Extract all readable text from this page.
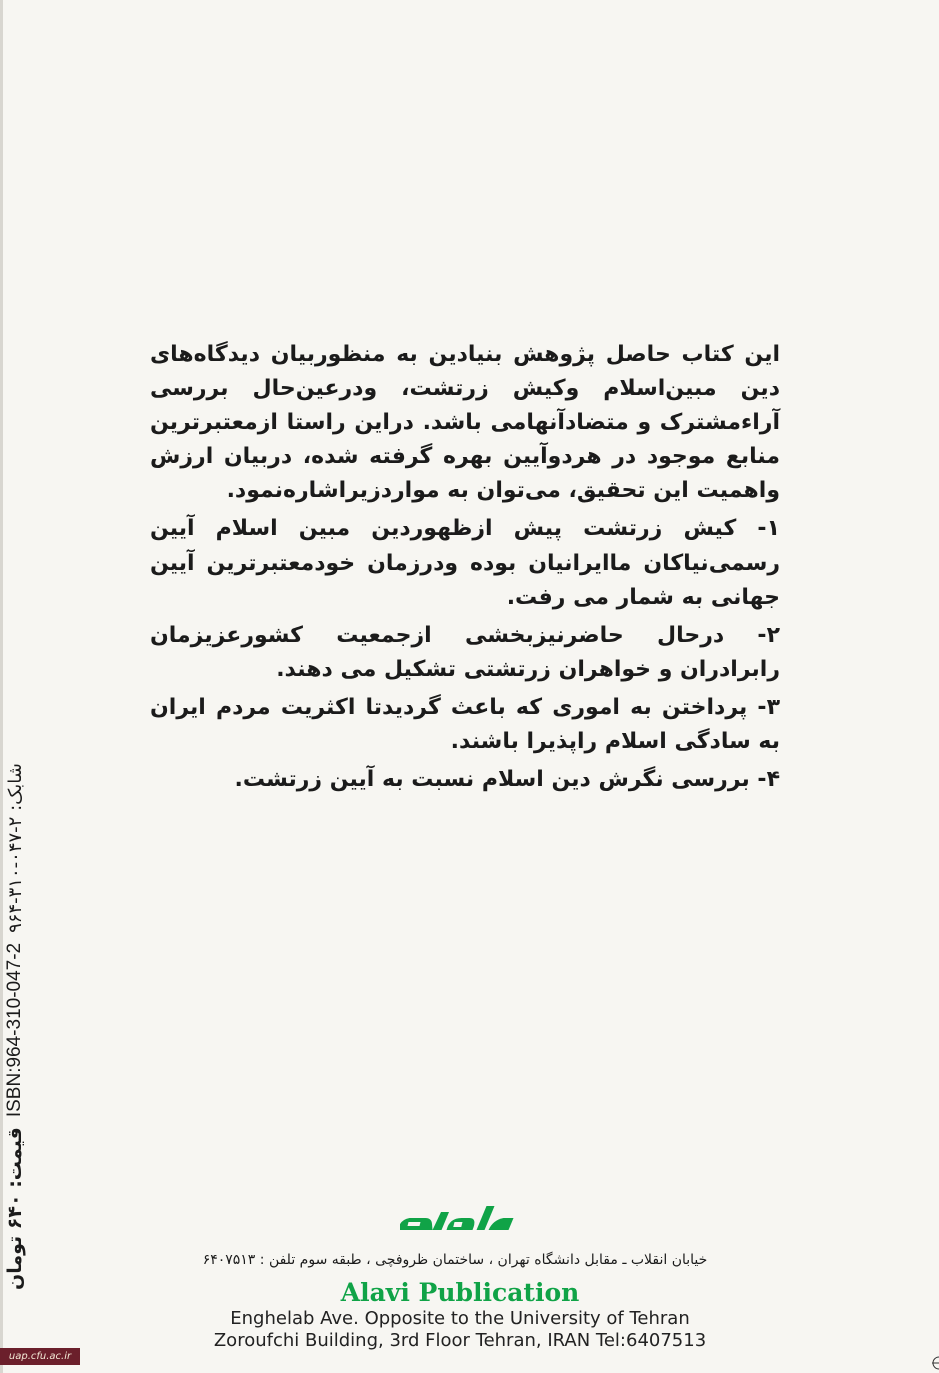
این کتاب حاصل پژوهش بنیادین به منظوربیان دیدگاه‌های دین مبین‌اسلام وکیش زرتشت، ودرعین‌حال بررسی آراءمشترک و متضادآنهامی باشد. دراین راستا ازمعتبرترین منابع موجود در هردوآیین بهره گرفته شده، دربیان ارزش واهمیت این تحقیق، می‌توان به مواردزیراشاره‌نمود.

۱- کیش زرتشت پیش ازظهوردین مبین اسلام آیین رسمی‌نیاکان ماایرانیان بوده ودرزمان خودمعتبرترین آیین جهانی به شمار می رفت.

۲- درحال حاضرنیزبخشی ازجمعیت کشورعزیزمان رابرادران و خواهران زرتشتی تشکیل می دهند.

۳- پرداختن به اموری که باعث گردیدتا اکثریت مردم ایران به سادگی اسلام راپذیرا باشند.

۴- بررسی نگرش دین اسلام نسبت به آیین زرتشت.

قیمت: ۶۴۰ تومان
ISBN:964-310-047-2
شابک: ۲-۰۴۷-۳۱۰-۹۶۴
خیابان انقلاب ـ مقابل دانشگاه تهران ، ساختمان ظروفچی ، طبقه سوم تلفن : ۶۴۰۷۵۱۳
Alavi Publication
Enghelab Ave. Opposite to the University of Tehran
Zoroufchi Building, 3rd Floor Tehran, IRAN Tel:6407513
uap.cfu.ac.ir
